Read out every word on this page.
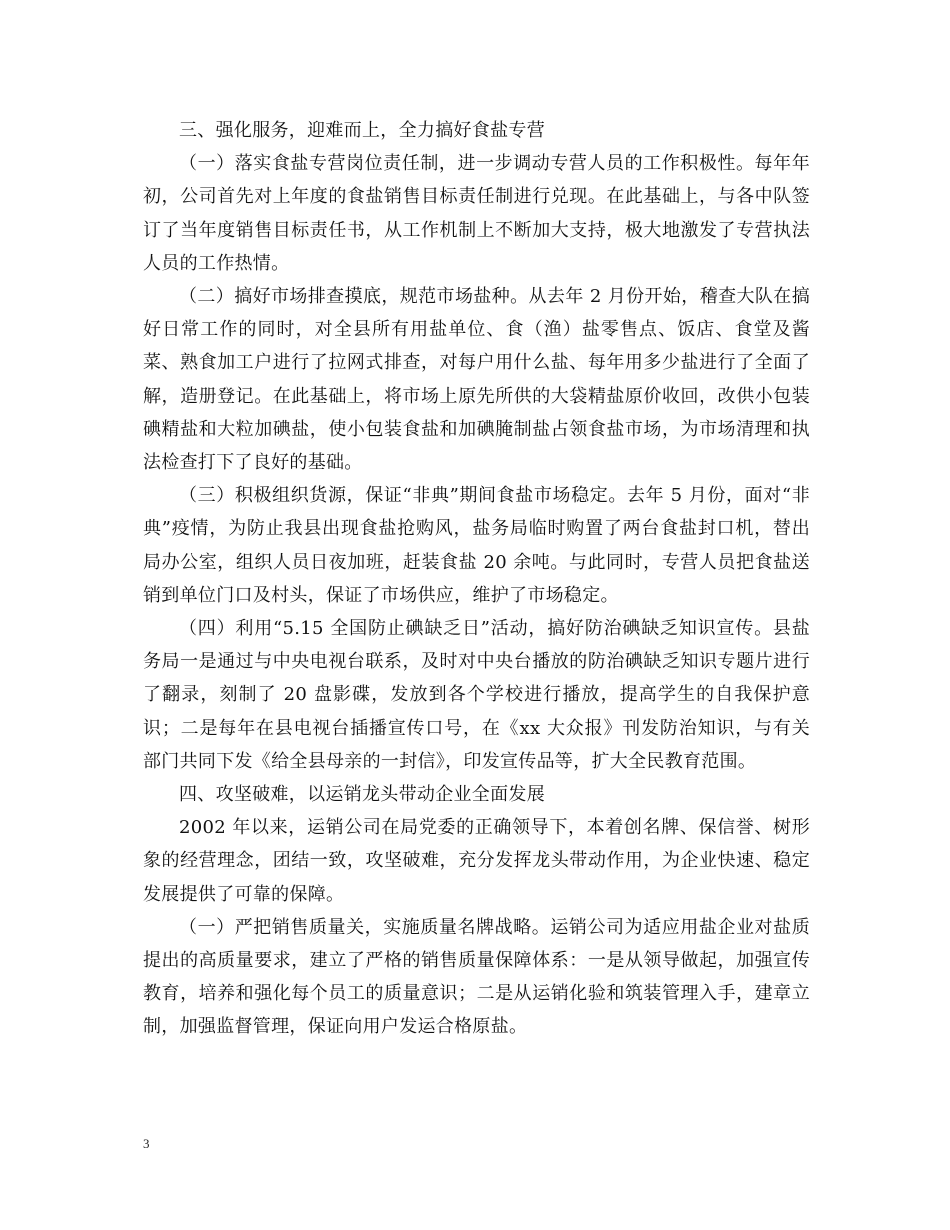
三、强化服务，迎难而上，全力搞好食盐专营

（一）落实食盐专营岗位责任制，进一步调动专营人员的工作积极性。每年年初，公司首先对上年度的食盐销售目标责任制进行兑现。在此基础上，与各中队签订了当年度销售目标责任书，从工作机制上不断加大支持，极大地激发了专营执法人员的工作热情。

（二）搞好市场排查摸底，规范市场盐种。从去年 2 月份开始，稽查大队在搞好日常工作的同时，对全县所有用盐单位、食（渔）盐零售点、饭店、食堂及酱菜、熟食加工户进行了拉网式排查，对每户用什么盐、每年用多少盐进行了全面了解，造册登记。在此基础上，将市场上原先所供的大袋精盐原价收回，改供小包装碘精盐和大粒加碘盐，使小包装食盐和加碘腌制盐占领食盐市场，为市场清理和执法检查打下了良好的基础。

（三）积极组织货源，保证“非典”期间食盐市场稳定。去年 5 月份，面对“非典”疫情，为防止我县出现食盐抢购风，盐务局临时购置了两台食盐封口机，替出局办公室，组织人员日夜加班，赶装食盐 20 余吨。与此同时，专营人员把食盐送销到单位门口及村头，保证了市场供应，维护了市场稳定。

（四）利用“5.15 全国防止碘缺乏日”活动，搞好防治碘缺乏知识宣传。县盐务局一是通过与中央电视台联系，及时对中央台播放的防治碘缺乏知识专题片进行了翻录，刻制了 20 盘影碟，发放到各个学校进行播放，提高学生的自我保护意识；二是每年在县电视台插播宣传口号，在《xx 大众报》刊发防治知识，与有关部门共同下发《给全县母亲的一封信》，印发宣传品等，扩大全民教育范围。

四、攻坚破难，以运销龙头带动企业全面发展

2002 年以来，运销公司在局党委的正确领导下，本着创名牌、保信誉、树形象的经营理念，团结一致，攻坚破难，充分发挥龙头带动作用，为企业快速、稳定发展提供了可靠的保障。

（一）严把销售质量关，实施质量名牌战略。运销公司为适应用盐企业对盐质提出的高质量要求，建立了严格的销售质量保障体系：一是从领导做起，加强宣传教育，培养和强化每个员工的质量意识；二是从运销化验和筑装管理入手，建章立制，加强监督管理，保证向用户发运合格原盐。

3
